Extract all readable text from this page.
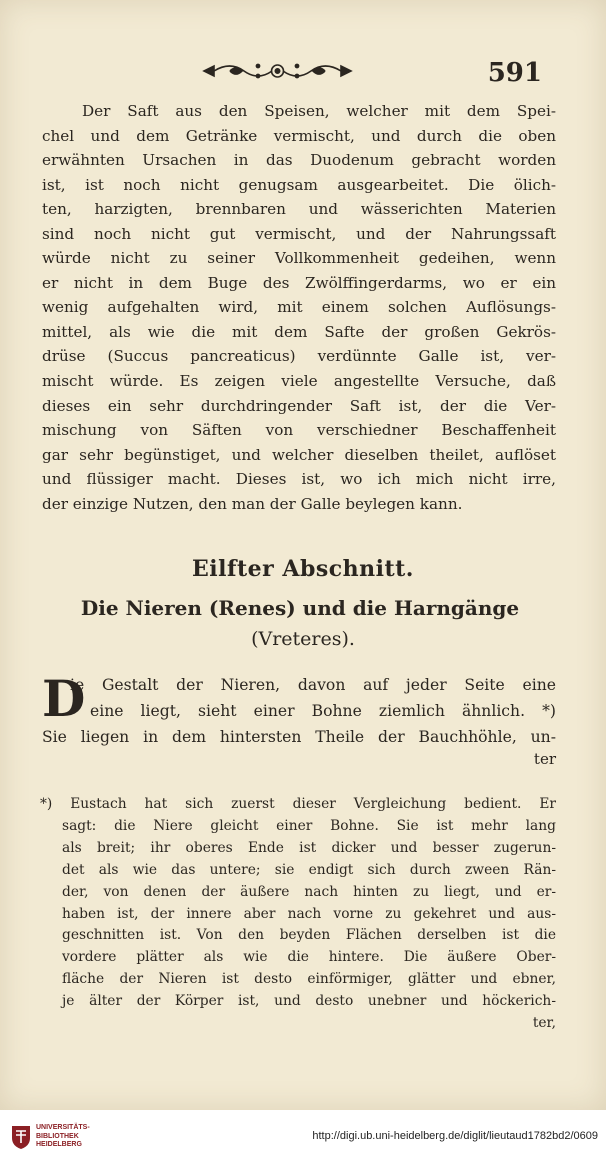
591
Der Saft aus den Speisen, welcher mit dem Spei-
chel und dem Getränke vermischt, und durch die oben
erwähnten Ursachen in das Duodenum gebracht worden
ist, ist noch nicht genugsam ausgearbeitet. Die ölich-
ten, harzigten, brennbaren und wässerichten Materien
sind noch nicht gut vermischt, und der Nahrungssaft
würde nicht zu seiner Vollkommenheit gedeihen, wenn
er nicht in dem Buge des Zwölffingerdarms, wo er ein
wenig aufgehalten wird, mit einem solchen Auflösungs-
mittel, als wie die mit dem Safte der großen Gekrös-
drüse (Succus pancreaticus) verdünnte Galle ist, ver-
mischt würde. Es zeigen viele angestellte Versuche, daß
dieses ein sehr durchdringender Saft ist, der die Ver-
mischung von Säften von verschiedner Beschaffenheit
gar sehr begünstiget, und welcher dieselben theilet, auflöset
und flüssiger macht. Dieses ist, wo ich mich nicht irre,
der einzige Nutzen, den man der Galle beylegen kann.
Eilfter Abschnitt.
Die Nieren (Renes) und die Harngänge
(Vreteres).
D
ie Gestalt der Nieren, davon auf jeder Seite eine
eine liegt, sieht einer Bohne ziemlich ähnlich. *)
Sie liegen in dem hintersten Theile der Bauchhöhle, un-
ter
*) Eustach hat sich zuerst dieser Vergleichung bedient. Er
sagt: die Niere gleicht einer Bohne. Sie ist mehr lang
als breit; ihr oberes Ende ist dicker und besser zugerun-
det als wie das untere; sie endigt sich durch zween Rän-
der, von denen der äußere nach hinten zu liegt, und er-
haben ist, der innere aber nach vorne zu gekehret und aus-
geschnitten ist. Von den beyden Flächen derselben ist die
vordere plätter als wie die hintere. Die äußere Ober-
fläche der Nieren ist desto einförmiger, glätter und ebner,
je älter der Körper ist, und desto unebner und höckerich-
ter,
UNIVERSITÄTS-
BIBLIOTHEK
HEIDELBERG
http://digi.ub.uni-heidelberg.de/diglit/lieutaud1782bd2/0609
